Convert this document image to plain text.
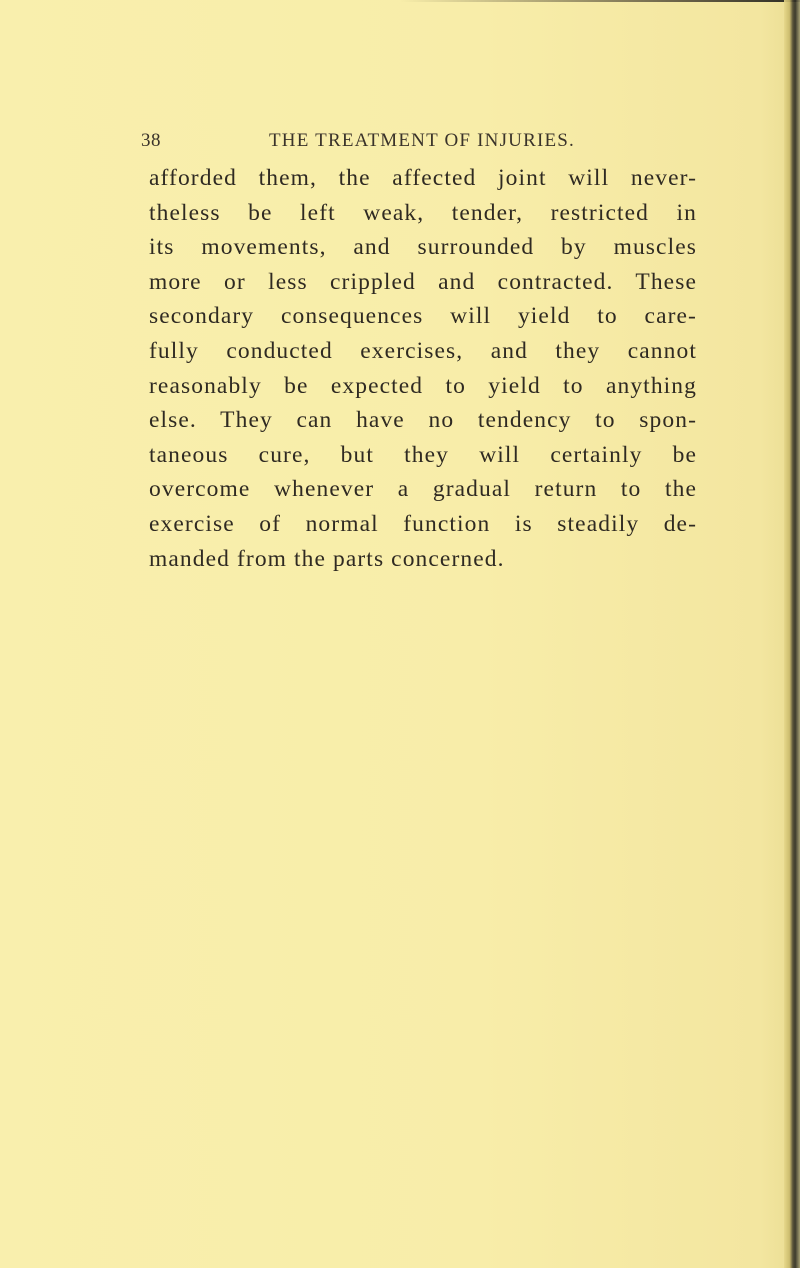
38	THE TREATMENT OF INJURIES.
afforded them, the affected joint will never-
theless be left weak, tender, restricted in
its movements, and surrounded by muscles
more or less crippled and contracted. These
secondary consequences will yield to care-
fully conducted exercises, and they cannot
reasonably be expected to yield to anything
else. They can have no tendency to spon-
taneous cure, but they will certainly be
overcome whenever a gradual return to the
exercise of normal function is steadily de-
manded from the parts concerned.
